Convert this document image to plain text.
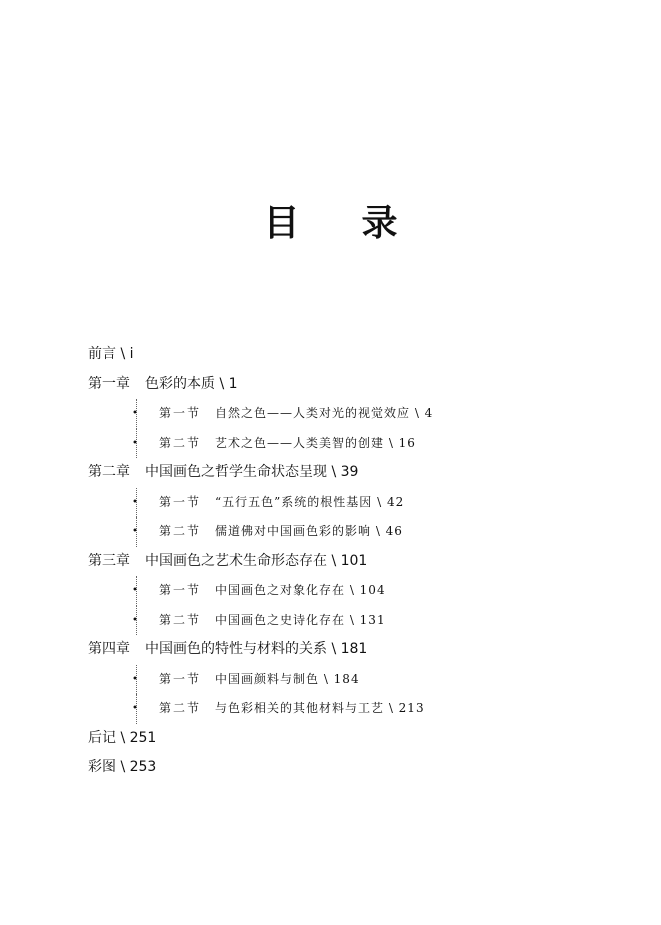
目 录
前言 \ i
第一章 色彩的本质 \ 1
• 第一节 自然之色——人类对光的视觉效应 \ 4
• 第二节 艺术之色——人类美智的创建 \ 16
第二章 中国画色之哲学生命状态呈现 \ 39
• 第一节 “五行五色”系统的根性基因 \ 42
• 第二节 儒道佛对中国画色彩的影响 \ 46
第三章 中国画色之艺术生命形态存在 \ 101
• 第一节 中国画色之对象化存在 \ 104
• 第二节 中国画色之史诗化存在 \ 131
第四章 中国画色的特性与材料的关系 \ 181
• 第一节 中国画颜料与制色 \ 184
• 第二节 与色彩相关的其他材料与工艺 \ 213
后记 \ 251
彩图 \ 253
